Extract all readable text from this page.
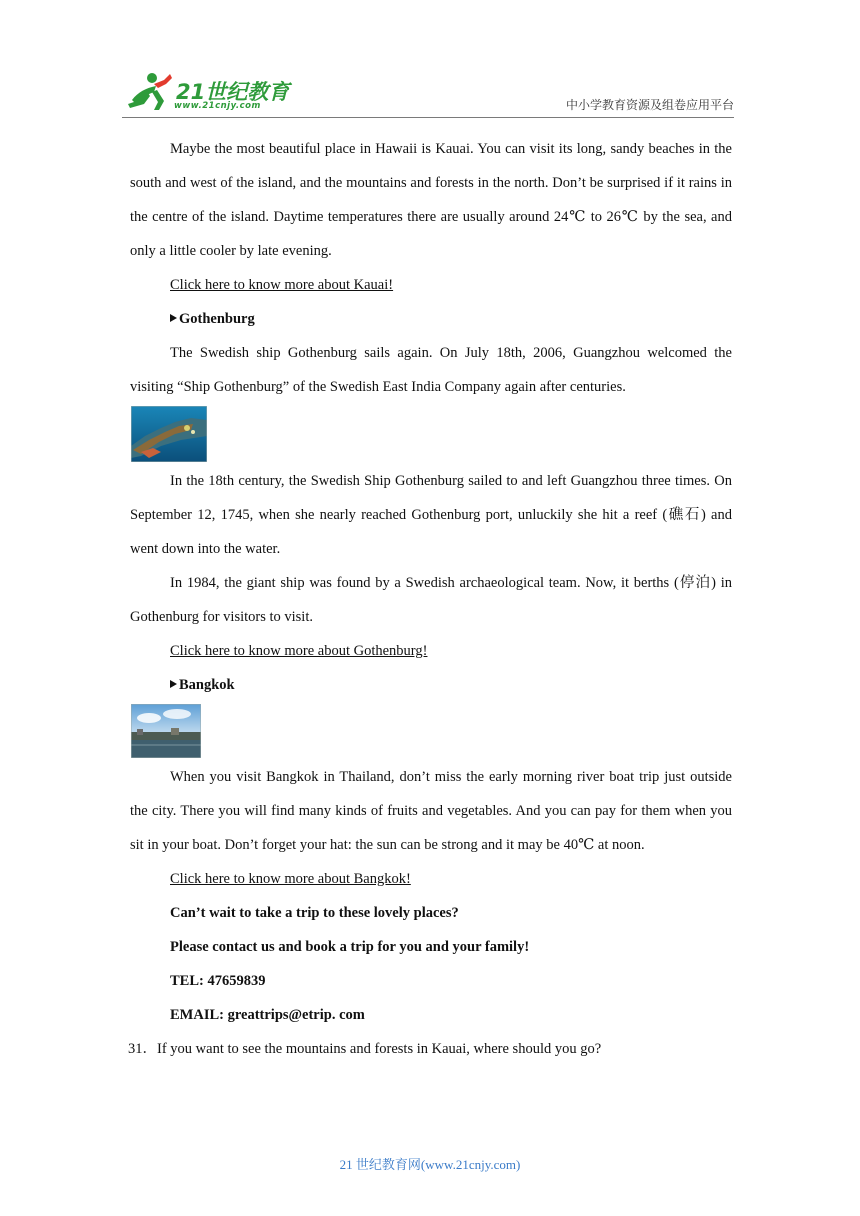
21世纪教育
www.21cnjy.com	中小学教育资源及组卷应用平台

Maybe the most beautiful place in Hawaii is Kauai. You can visit its long, sandy beaches in the south and west of the island, and the mountains and forests in the north. Don’t be surprised if it rains in the centre of the island. Daytime temperatures there are usually around 24℃ to 26℃ by the sea, and only a little cooler by late evening.

Click here to know more about Kauai!

Gothenburg

The Swedish ship Gothenburg sails again. On July 18th, 2006, Guangzhou welcomed the visiting “Ship Gothenburg” of the Swedish East India Company again after centuries.

In the 18th century, the Swedish Ship Gothenburg sailed to and left Guangzhou three times. On September 12, 1745, when she nearly reached Gothenburg port, unluckily she hit a reef (礁石) and went down into the water.

In 1984, the giant ship was found by a Swedish archaeological team. Now, it berths (停泊) in Gothenburg for visitors to visit.

Click here to know more about Gothenburg!

Bangkok

When you visit Bangkok in Thailand, don’t miss the early morning river boat trip just outside the city. There you will find many kinds of fruits and vegetables. And you can pay for them when you sit in your boat. Don’t forget your hat: the sun can be strong and it may be 40℃ at noon.

Click here to know more about Bangkok!

Can’t wait to take a trip to these lovely places?

Please contact us and book a trip for you and your family!

TEL: 47659839

EMAIL: greattrips@etrip. com

31．If you want to see the mountains and forests in Kauai, where should you go?

21 世纪教育网(www.21cnjy.com)
